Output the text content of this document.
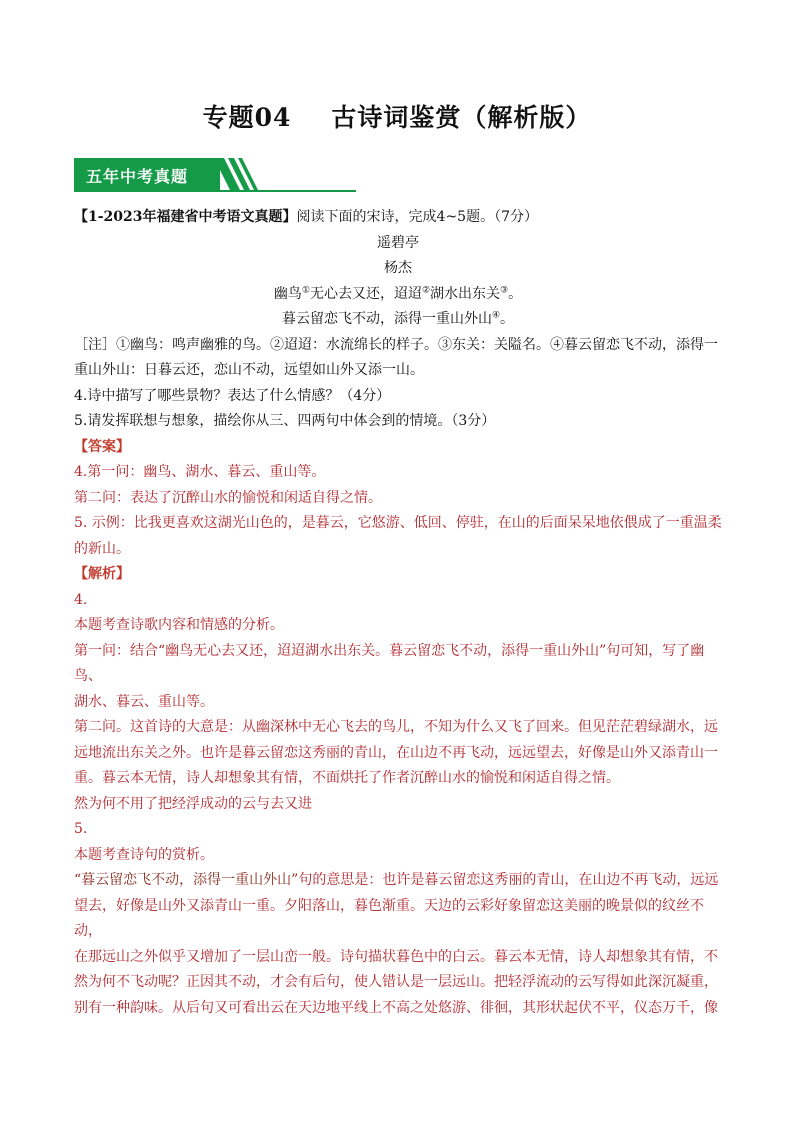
专题04 古诗词鉴赏（解析版）
五年中考真题

【1-2023年福建省中考语文真题】阅读下面的宋诗，完成4~5题。（7分）

遥碧亭

杨杰

幽鸟①无心去又还，迢迢②湖水出东关③。

暮云留恋飞不动，添得一重山外山④。

［注］①幽鸟：鸣声幽雅的鸟。②迢迢：水流绵长的样子。③东关：关隘名。④暮云留恋飞不动，添得一

重山外山：日暮云还，恋山不动，远望如山外又添一山。

4.诗中描写了哪些景物？表达了什么情感？（4分）

5.请发挥联想与想象，描绘你从三、四两句中体会到的情境。（3分）

【答案】

4.第一问：幽鸟、湖水、暮云、重山等。

第二问：表达了沉醉山水的愉悦和闲适自得之情。

5. 示例：比我更喜欢这湖光山色的，是暮云，它悠游、低回、停驻，在山的后面呆呆地依偎成了一重温柔

的新山。

【解析】

4.

本题考查诗歌内容和情感的分析。

第一问：结合“幽鸟无心去又还，迢迢湖水出东关。暮云留恋飞不动，添得一重山外山”句可知，写了幽鸟、

湖水、暮云、重山等。

第二问。这首诗的大意是：从幽深林中无心飞去的鸟儿，不知为什么又飞了回来。但见茫茫碧绿湖水，远

远地流出东关之外。也许是暮云留恋这秀丽的青山，在山边不再飞动，远远望去，好像是山外又添青山一

重。暮云本无情，诗人却想象其有情，不面烘托了作者沉醉山水的愉悦和闲适自得之情。

然为何不用了把经浮成动的云与去又进

5.

本题考查诗句的赏析。

“暮云留恋飞不动，添得一重山外山”句的意思是：也许是暮云留恋这秀丽的青山，在山边不再飞动，远远

望去，好像是山外又添青山一重。夕阳落山，暮色渐重。天边的云彩好象留恋这美丽的晚景似的纹丝不动，

在那远山之外似乎又增加了一层山峦一般。诗句描状暮色中的白云。暮云本无情，诗人却想象其有情，不

然为何不飞动呢？正因其不动，才会有后句，使人错认是一层远山。把轻浮流动的云写得如此深沉凝重，

别有一种韵味。从后句又可看出云在天边地平线上不高之处悠游、徘徊，其形状起伏不平，仪态万千，像
